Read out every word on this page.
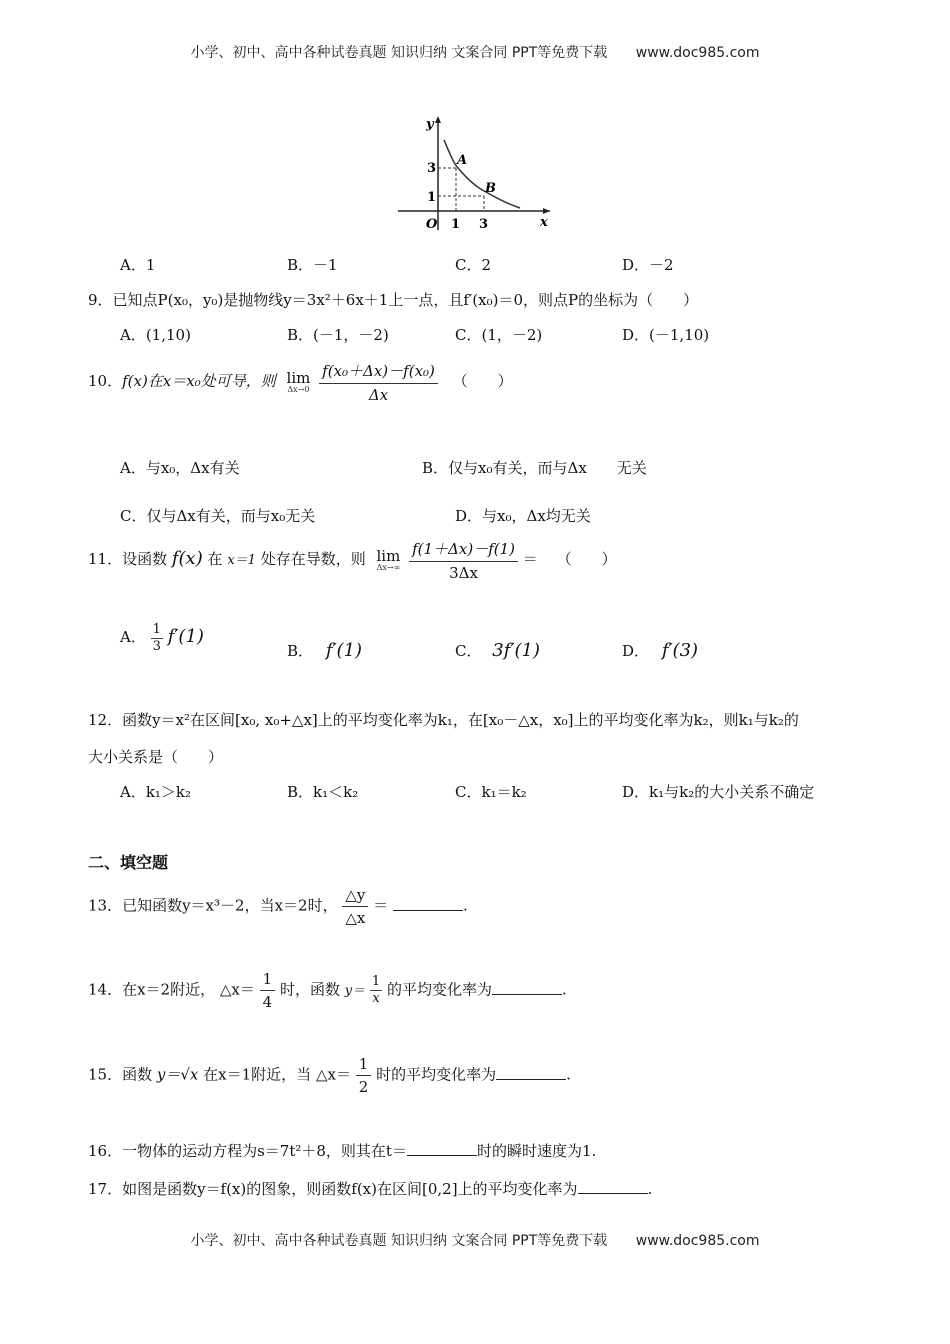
小学、初中、高中各种试卷真题 知识归纳 文案合同 PPT等免费下载 www.doc985.com
y
x
O
3
1
1 3
A
B
A．1	B．－1	C．2	D．－2
9．已知点P(x₀，y₀)是抛物线y＝3x²＋6x＋1上一点，且f′(x₀)＝0，则点P的坐标为（　　）
A．(1,10)	B．(－1，－2)	C．(1，－2)	D．(－1,10)
10．f(x)在x＝x₀处可导，则 lim
Δx→0
$\frac{\text{f(x₀＋Δx)－f(x₀)}}{\Delta x}$ （　　）
A．与x₀，Δx有关	B．仅与x₀有关，而与Δx　　无关
C．仅与Δx有关，而与x₀无关	D．与x₀，Δx均无关
11．设函数 f(x) 在 x＝1 处存在导数，则 lim
Δx→∞
$\frac{f(1+\Delta x)-f(1)}{3\Delta x}$ ＝ （　　）
A． $\frac{1}{3} f'(1)$
B． f′(1)	C． 3f′(1)	D． f′(3)
12．函数y＝x²在区间[x₀, x₀+△x]上的平均变化率为k₁，在[x₀－△x，x₀]上的平均变化率为k₂，则k₁与k₂的
大小关系是（　　）
A．k₁＞k₂	B．k₁＜k₂	C．k₁＝k₂	D．k₁与k₂的大小关系不确定
二、填空题
13．已知函数y＝x³－2，当x＝2时， $\frac{\triangle y}{\triangle x}$ ＝	.
14．在x＝2附近， △x＝ $\frac{1}{4}$ 时，函数 $y= \frac{1}{x}$ 的平均变化率为	.
15．函数 y＝√x 在x＝1附近，当 △x＝ $\frac{1}{2}$ 时的平均变化率为	.
16．一物体的运动方程为s＝7t²＋8，则其在t＝	时的瞬时速度为1.
17．如图是函数y＝f(x)的图象，则函数f(x)在区间[0,2]上的平均变化率为	.
小学、初中、高中各种试卷真题 知识归纳 文案合同 PPT等免费下载 www.doc985.com
